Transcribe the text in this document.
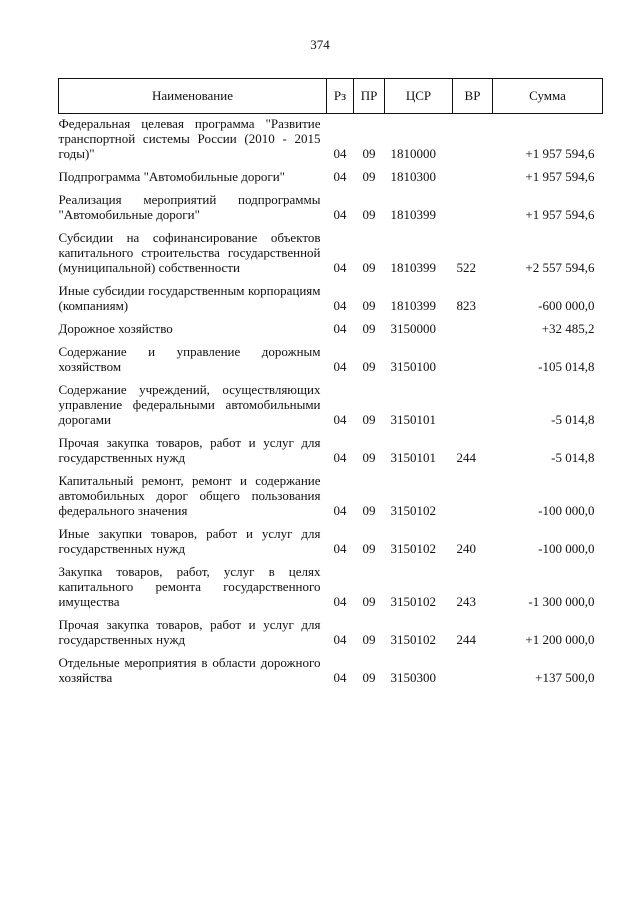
374
Наименование	Рз	ПР	ЦСР	ВР	Сумма
Федеральная целевая программа "Развитие транспортной системы России (2010 - 2015 годы)"	04	09	1810000		+1 957 594,6
Подпрограмма "Автомобильные дороги"	04	09	1810300		+1 957 594,6
Реализация мероприятий подпрограммы "Автомобильные дороги"	04	09	1810399		+1 957 594,6
Субсидии на софинансирование объектов капитального строительства государственной (муниципальной) собственности	04	09	1810399	522	+2 557 594,6
Иные субсидии государственным корпорациям (компаниям)	04	09	1810399	823	-600 000,0
Дорожное хозяйство	04	09	3150000		+32 485,2
Содержание и управление дорожным хозяйством	04	09	3150100		-105 014,8
Содержание учреждений, осуществляющих управление федеральными автомобильными дорогами	04	09	3150101		-5 014,8
Прочая закупка товаров, работ и услуг для государственных нужд	04	09	3150101	244	-5 014,8
Капитальный ремонт, ремонт и содержание автомобильных дорог общего пользования федерального значения	04	09	3150102		-100 000,0
Иные закупки товаров, работ и услуг для государственных нужд	04	09	3150102	240	-100 000,0
Закупка товаров, работ, услуг в целях капитального ремонта государственного имущества	04	09	3150102	243	-1 300 000,0
Прочая закупка товаров, работ и услуг для государственных нужд	04	09	3150102	244	+1 200 000,0
Отдельные мероприятия в области дорожного хозяйства	04	09	3150300		+137 500,0
